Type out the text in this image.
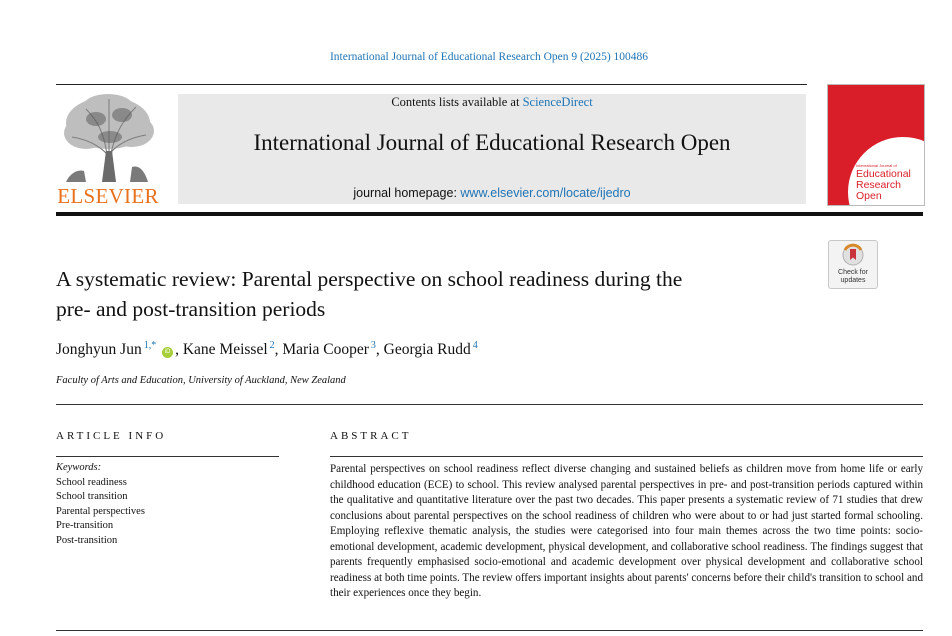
International Journal of Educational Research Open 9 (2025) 100486
ELSEVIER
Contents lists available at ScienceDirect
International Journal of Educational Research Open
journal homepage: www.elsevier.com/locate/ijedro
International Journal of
Educational
Research
Open
Check for
updates
A systematic review: Parental perspective on school readiness during the
pre- and post-transition periods
Jonghyun Jun $^{1,*}$ iD , Kane Meissel $^2$, Maria Cooper $^3$, Georgia Rudd $^4$
Faculty of Arts and Education, University of Auckland, New Zealand
ARTICLE INFO	ABSTRACT
Keywords:
School readiness
School transition
Parental perspectives
Pre-transition
Post-transition
Parental perspectives on school readiness reflect diverse changing and sustained beliefs as children move from home life or early childhood education (ECE) to school. This review analysed parental perspectives in pre- and post-transition periods captured within the qualitative and quantitative literature over the past two decades. This paper presents a systematic review of 71 studies that drew conclusions about parental perspectives on the school readiness of children who were about to or had just started formal schooling. Employing reflexive thematic analysis, the studies were categorised into four main themes across the two time points: socio-emotional development, academic development, physical development, and collaborative school readiness. The findings suggest that parents frequently emphasised socio-emotional and academic development over physical development and collaborative school readiness at both time points. The review offers important insights about parents' concerns before their child's transition to school and their experiences once they begin.
